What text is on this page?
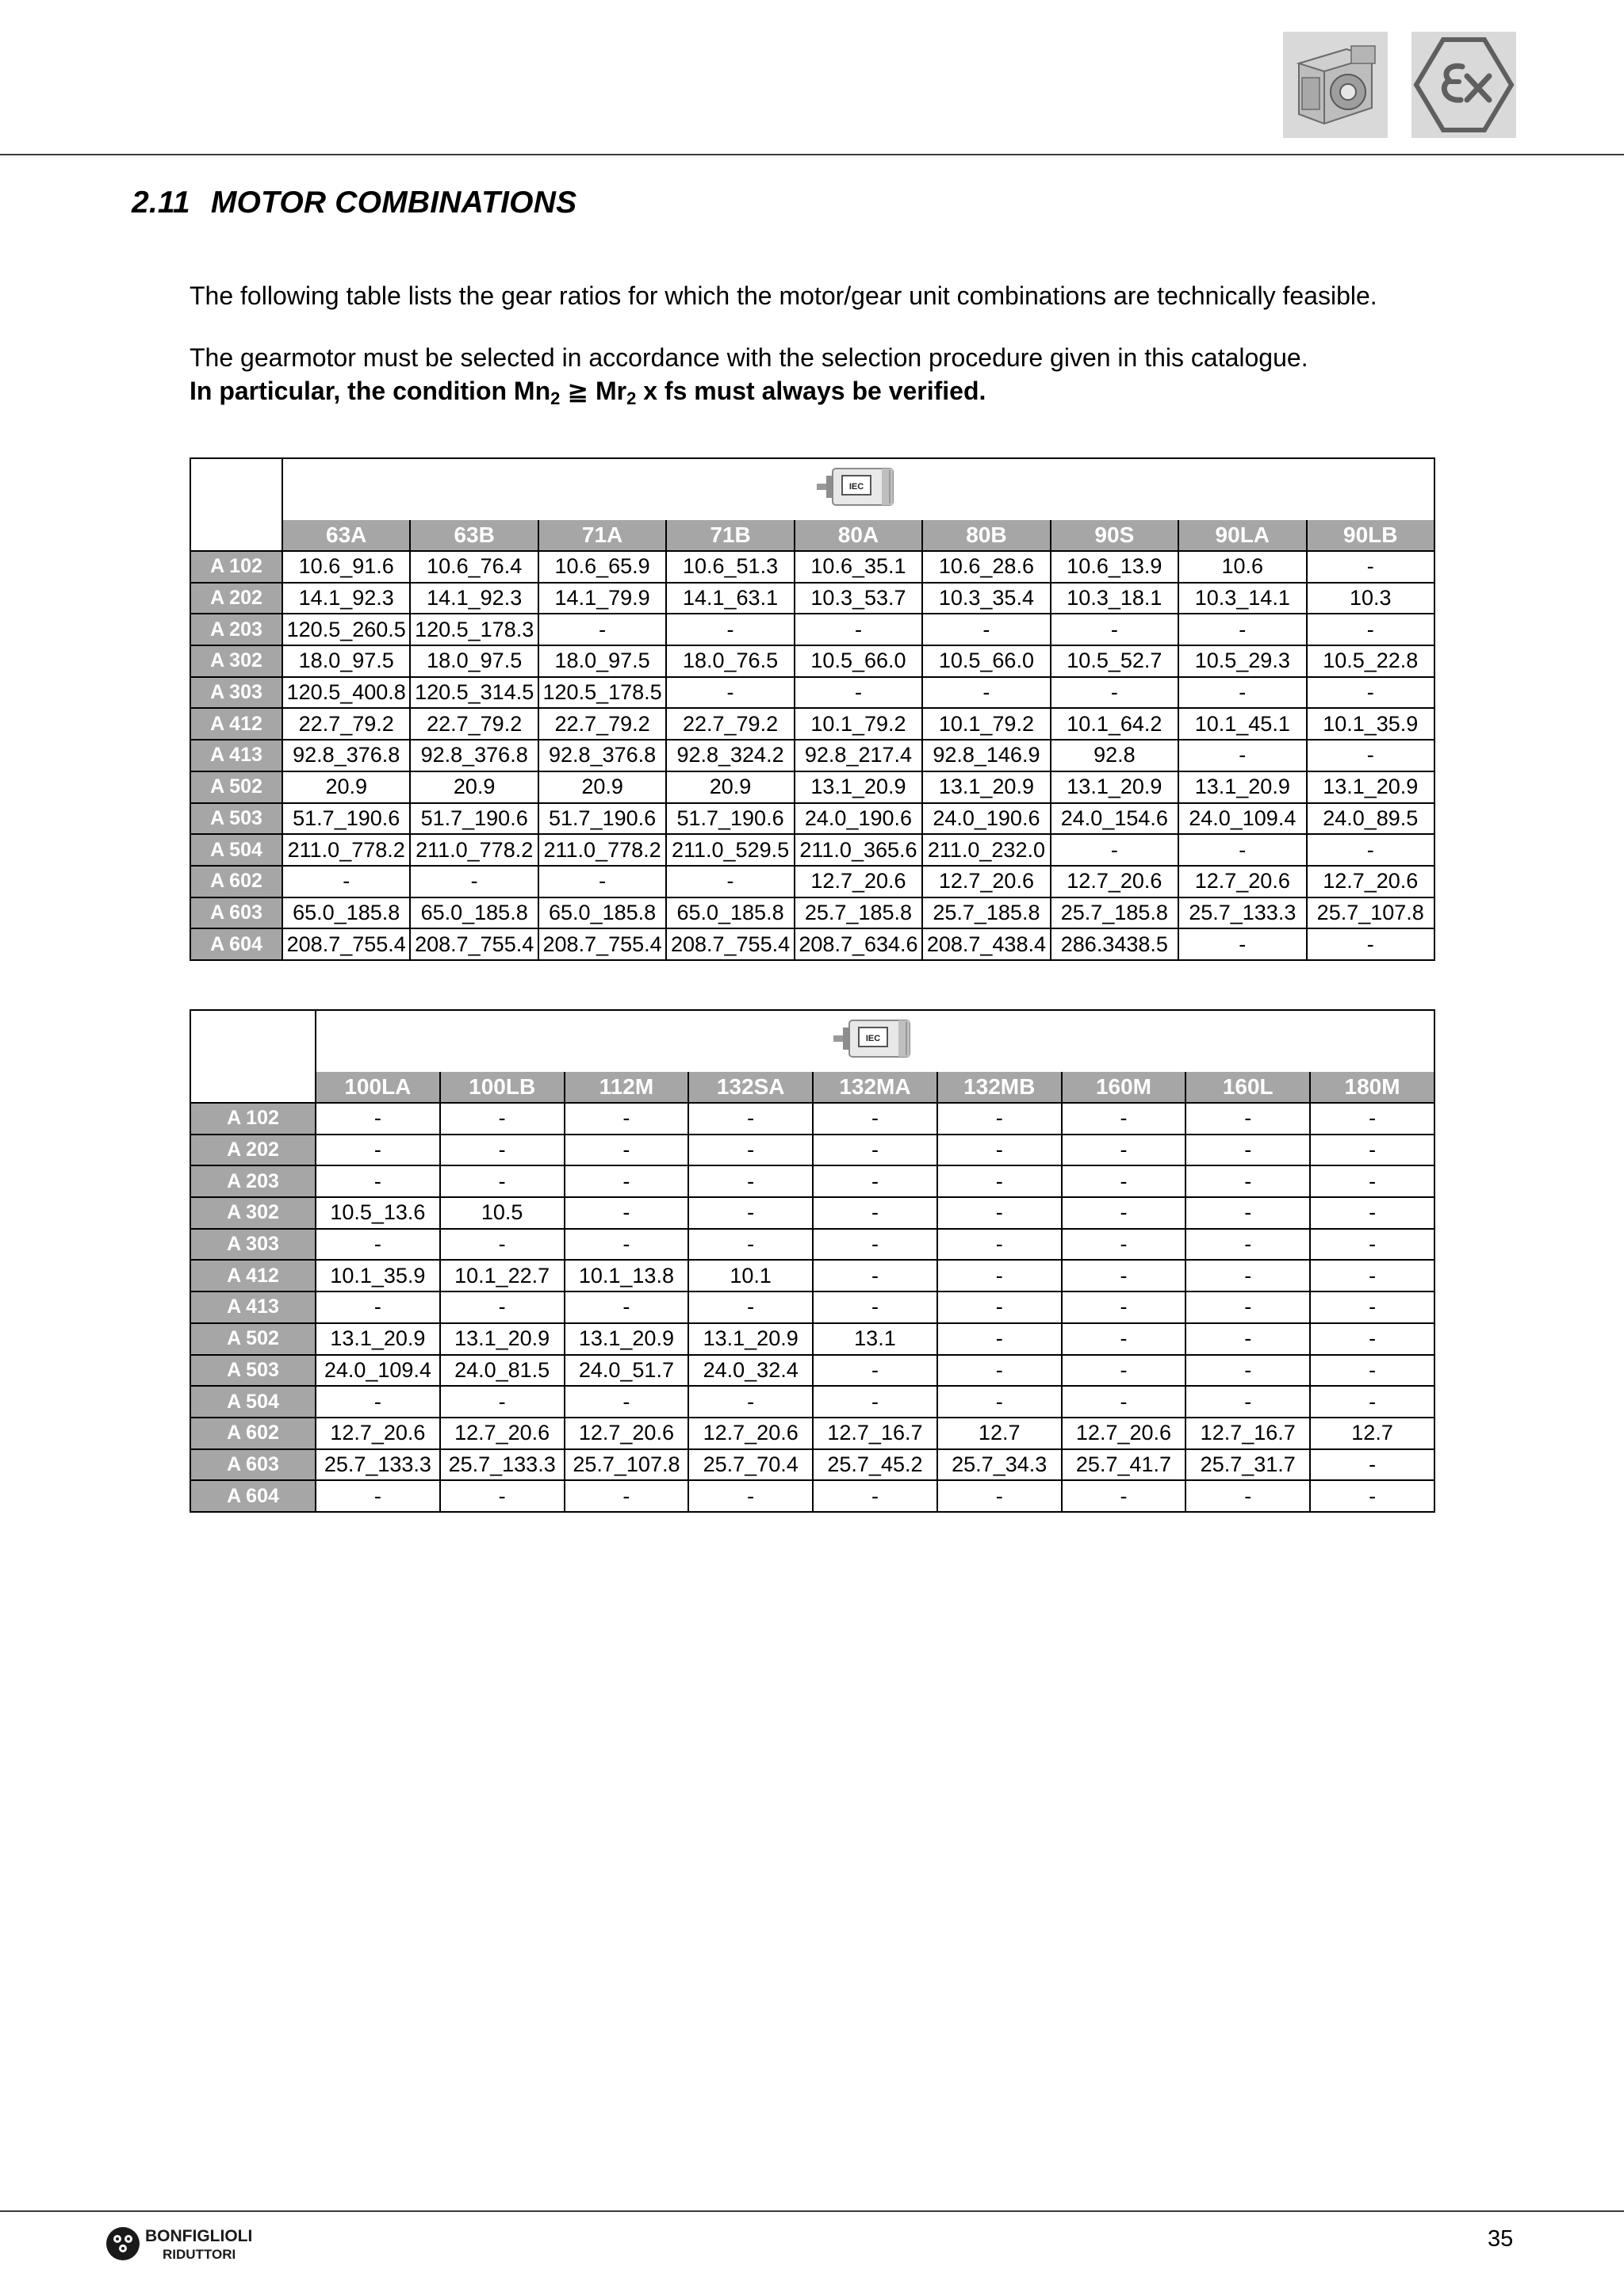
2.11 MOTOR COMBINATIONS

The following table lists the gear ratios for which the motor/gear unit combinations are technically feasible.

The gearmotor must be selected in accordance with the selection procedure given in this catalogue.

In particular, the condition $Mn_2$ ≧ $Mr_2$ x fs must always be verified.

IEC								

	63A	63B	71A	71B	80A	80B	90S	90LA	90LB
A 102	10.6_91.6	10.6_76.4	10.6_65.9	10.6_51.3	10.6_35.1	10.6_28.6	10.6_13.9	10.6	-
A 202	14.1_92.3	14.1_92.3	14.1_79.9	14.1_63.1	10.3_53.7	10.3_35.4	10.3_18.1	10.3_14.1	10.3
A 203	120.5_260.5	120.5_178.3	-	-	-	-	-	-	-
A 302	18.0_97.5	18.0_97.5	18.0_97.5	18.0_76.5	10.5_66.0	10.5_66.0	10.5_52.7	10.5_29.3	10.5_22.8
A 303	120.5_400.8	120.5_314.5	120.5_178.5	-	-	-	-	-	-
A 412	22.7_79.2	22.7_79.2	22.7_79.2	22.7_79.2	10.1_79.2	10.1_79.2	10.1_64.2	10.1_45.1	10.1_35.9
A 413	92.8_376.8	92.8_376.8	92.8_376.8	92.8_324.2	92.8_217.4	92.8_146.9	92.8	-	-
A 502	20.9	20.9	20.9	20.9	13.1_20.9	13.1_20.9	13.1_20.9	13.1_20.9	13.1_20.9
A 503	51.7_190.6	51.7_190.6	51.7_190.6	51.7_190.6	24.0_190.6	24.0_190.6	24.0_154.6	24.0_109.4	24.0_89.5
A 504	211.0_778.2	211.0_778.2	211.0_778.2	211.0_529.5	211.0_365.6	211.0_232.0	-	-	-
A 602	-	-	-	-	12.7_20.6	12.7_20.6	12.7_20.6	12.7_20.6	12.7_20.6
A 603	65.0_185.8	65.0_185.8	65.0_185.8	65.0_185.8	25.7_185.8	25.7_185.8	25.7_185.8	25.7_133.3	25.7_107.8
A 604	208.7_755.4	208.7_755.4	208.7_755.4	208.7_755.4	208.7_634.6	208.7_438.4	286.3438.5	-	-

IEC								

	100LA	100LB	112M	132SA	132MA	132MB	160M	160L	180M
A 102	-	-	-	-	-	-	-	-	-
A 202	-	-	-	-	-	-	-	-	-
A 203	-	-	-	-	-	-	-	-	-
A 302	10.5_13.6	10.5	-	-	-	-	-	-	-
A 303	-	-	-	-	-	-	-	-	-
A 412	10.1_35.9	10.1_22.7	10.1_13.8	10.1	-	-	-	-	-
A 413	-	-	-	-	-	-	-	-	-
A 502	13.1_20.9	13.1_20.9	13.1_20.9	13.1_20.9	13.1	-	-	-	-
A 503	24.0_109.4	24.0_81.5	24.0_51.7	24.0_32.4	-	-	-	-	-
A 504	-	-	-	-	-	-	-	-	-
A 602	12.7_20.6	12.7_20.6	12.7_20.6	12.7_20.6	12.7_16.7	12.7	12.7_20.6	12.7_16.7	12.7
A 603	25.7_133.3	25.7_133.3	25.7_107.8	25.7_70.4	25.7_45.2	25.7_34.3	25.7_41.7	25.7_31.7	-
A 604	-	-	-	-	-	-	-	-	-
BONFIGLIOLI
RIDUTTORI
35
